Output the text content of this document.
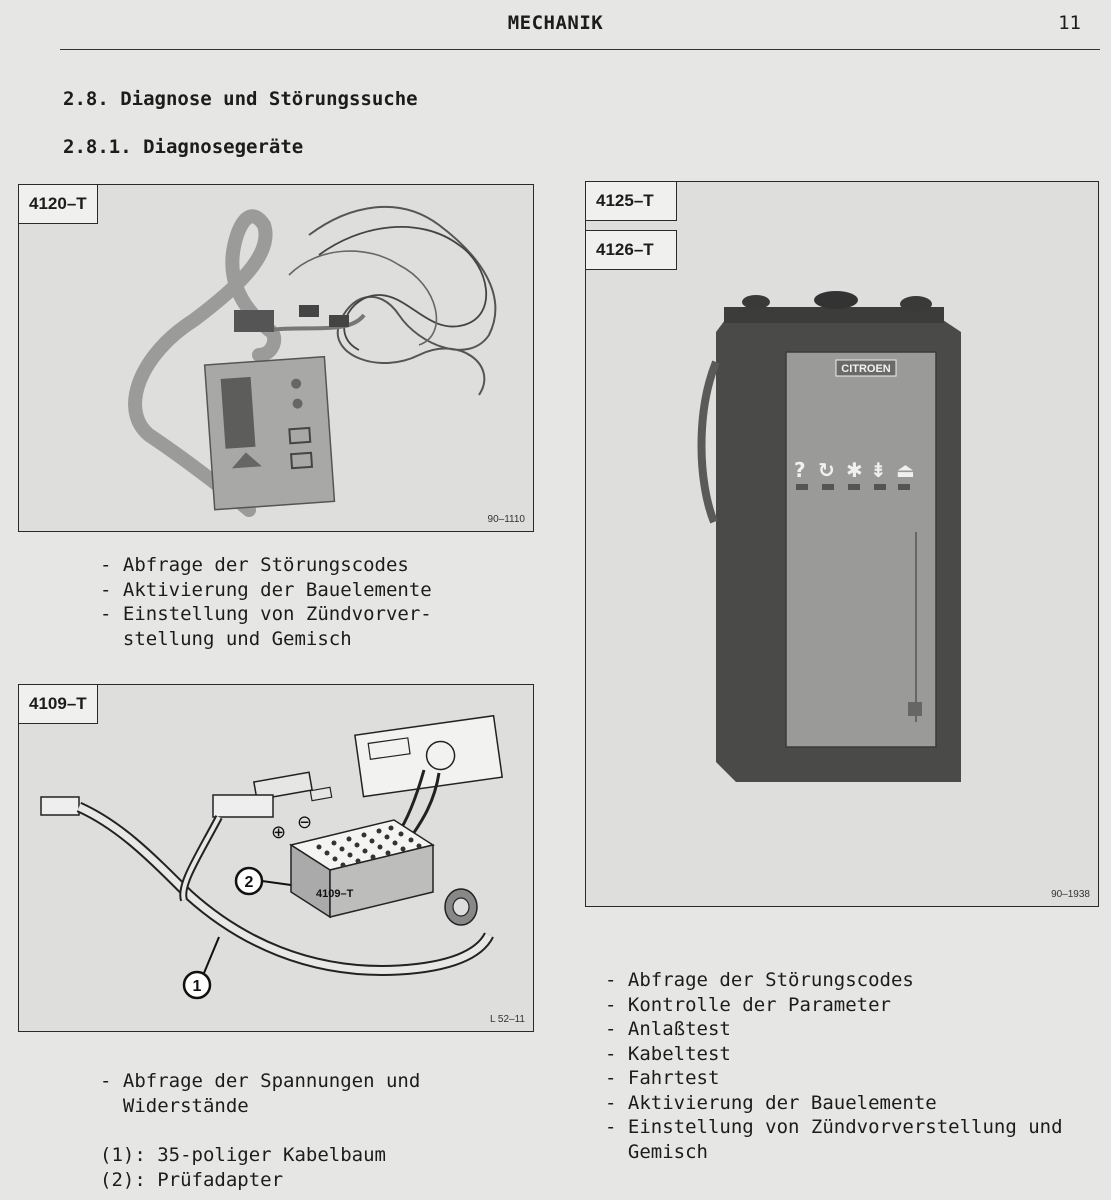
MECHANIK	11
2.8. Diagnose und Störungssuche
2.8.1. Diagnosegeräte
4120–T
90–1110
- Abfrage der Störungscodes
- Aktivierung der Bauelemente
- Einstellung von Zündvorver-
stellung und Gemisch
4109–T
⊕ ⊖
2
1
4109–T
L 52–11
- Abfrage der Spannungen und
Widerstände
(1): 35-poliger Kabelbaum
(2): Prüfadapter
CITROEN
? ↻ ✱ ⇟ ⏏
4125–T
4126–T
90–1938
- Abfrage der Störungscodes
- Kontrolle der Parameter
- Anlaßtest
- Kabeltest
- Fahrtest
- Aktivierung der Bauelemente
- Einstellung von Zündvorverstellung und
Gemisch
